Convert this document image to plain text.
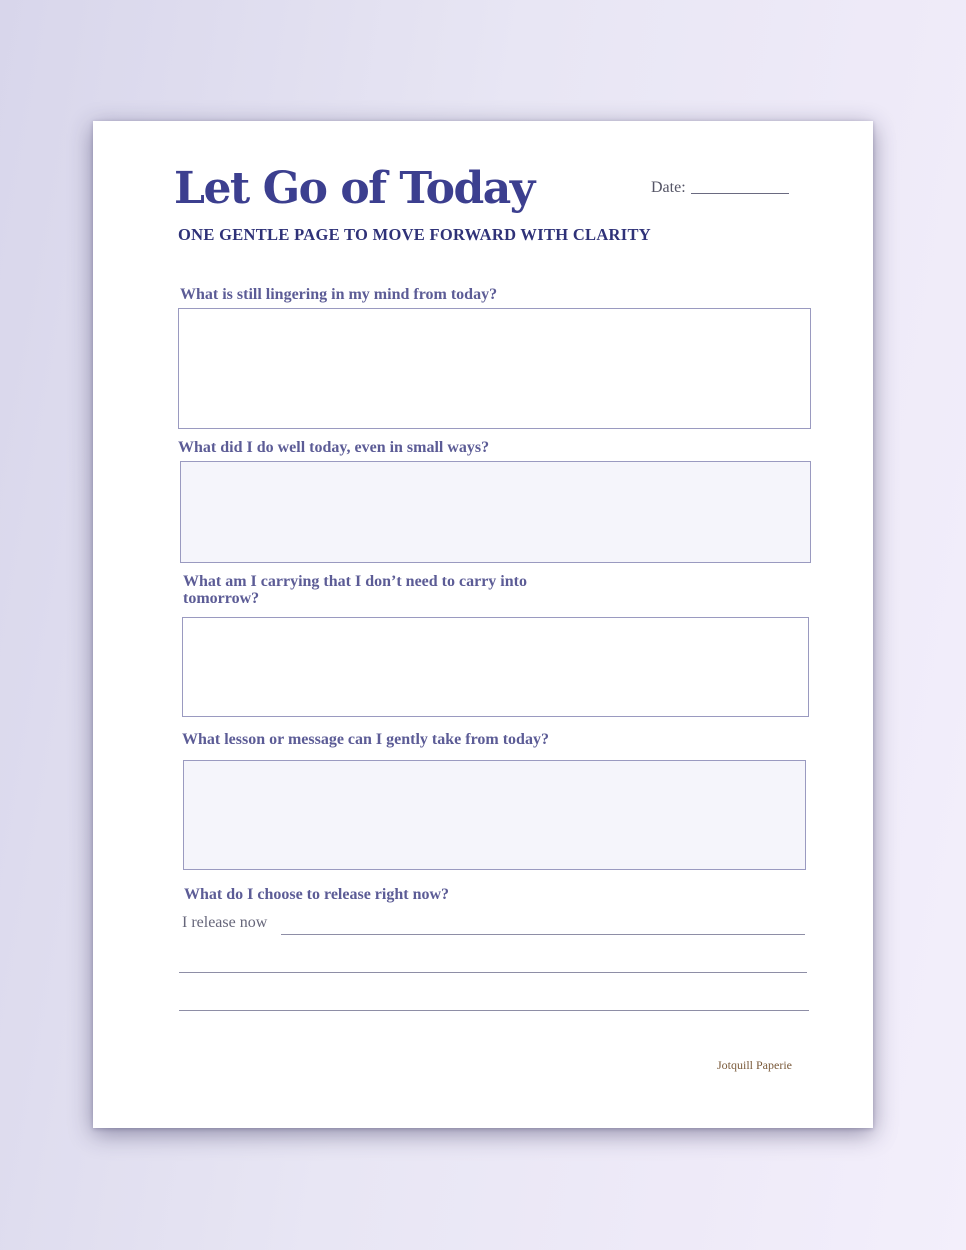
Let Go of Today	Date:
ONE GENTLE PAGE TO MOVE FORWARD WITH CLARITY
What is still lingering in my mind from today?
What did I do well today, even in small ways?
What am I carrying that I don’t need to carry into tomorrow?
What lesson or message can I gently take from today?
What do I choose to release right now?
I release now
Jotquill Paperie
